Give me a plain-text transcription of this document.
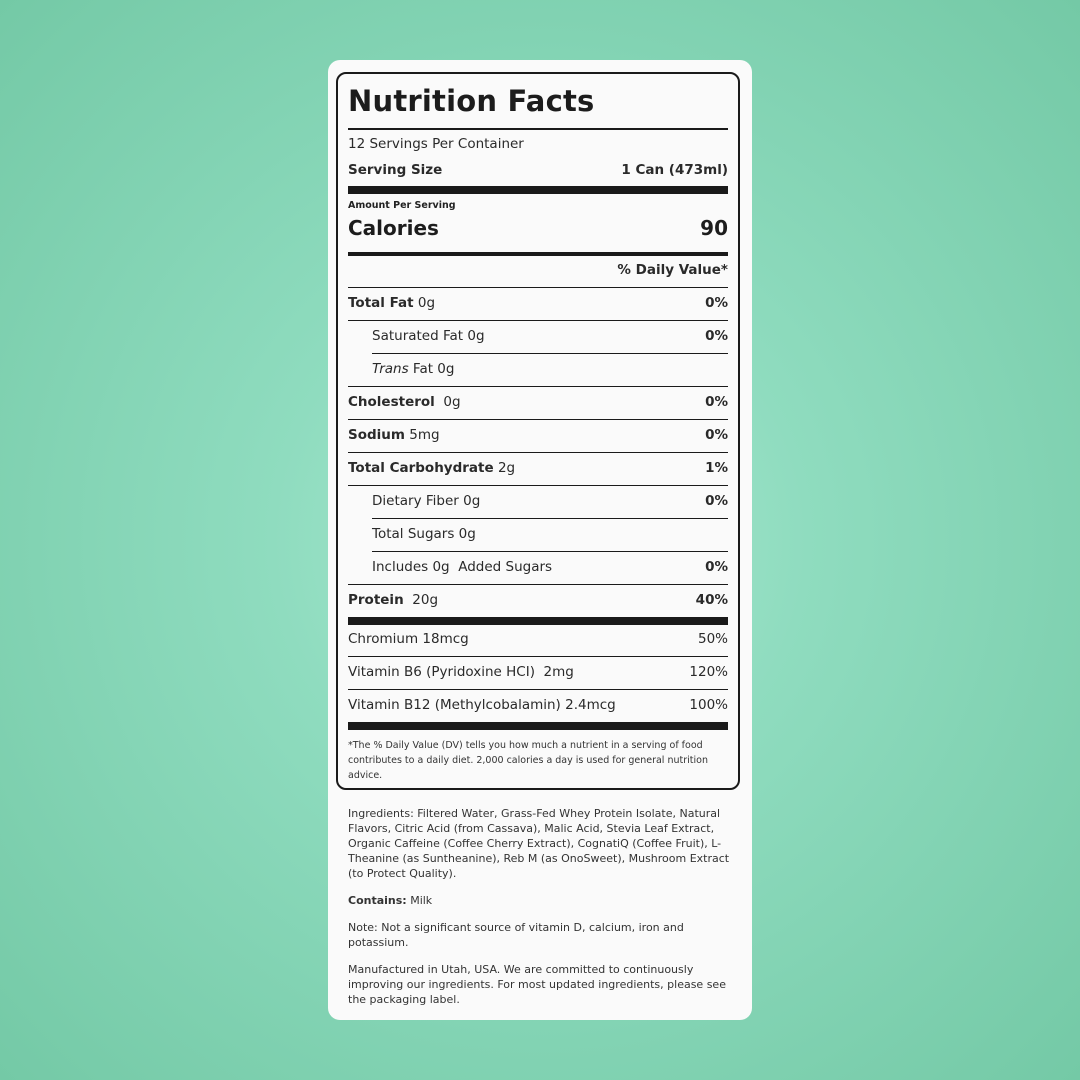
Nutrition Facts
12 Servings Per Container
Serving Size	1 Can (473ml)
Amount Per Serving
Calories	90
% Daily Value*
Total Fat 0g	0%
Saturated Fat 0g	0%
Trans Fat 0g
Cholesterol 0g	0%
Sodium 5mg	0%
Total Carbohydrate 2g	1%
Dietary Fiber 0g	0%
Total Sugars 0g
Includes 0g Added Sugars	0%
Protein 20g	40%
Chromium 18mcg	50%
Vitamin B6 (Pyridoxine HCI)  2mg	120%
Vitamin B12 (Methylcobalamin) 2.4mcg	100%
*The % Daily Value (DV) tells you how much a nutrient in a serving of food contributes to a daily diet. 2,000 calories a day is used for general nutrition advice.
Ingredients: Filtered Water, Grass-Fed Whey Protein Isolate, Natural Flavors, Citric Acid (from Cassava), Malic Acid, Stevia Leaf Extract, Organic Caffeine (Coffee Cherry Extract), CognatiQ (Coffee Fruit), L-Theanine (as Suntheanine), Reb M (as OnoSweet), Mushroom Extract (to Protect Quality).
Contains: Milk
Note: Not a significant source of vitamin D, calcium, iron and potassium.
Manufactured in Utah, USA. We are committed to continuously improving our ingredients. For most updated ingredients, please see the packaging label.
